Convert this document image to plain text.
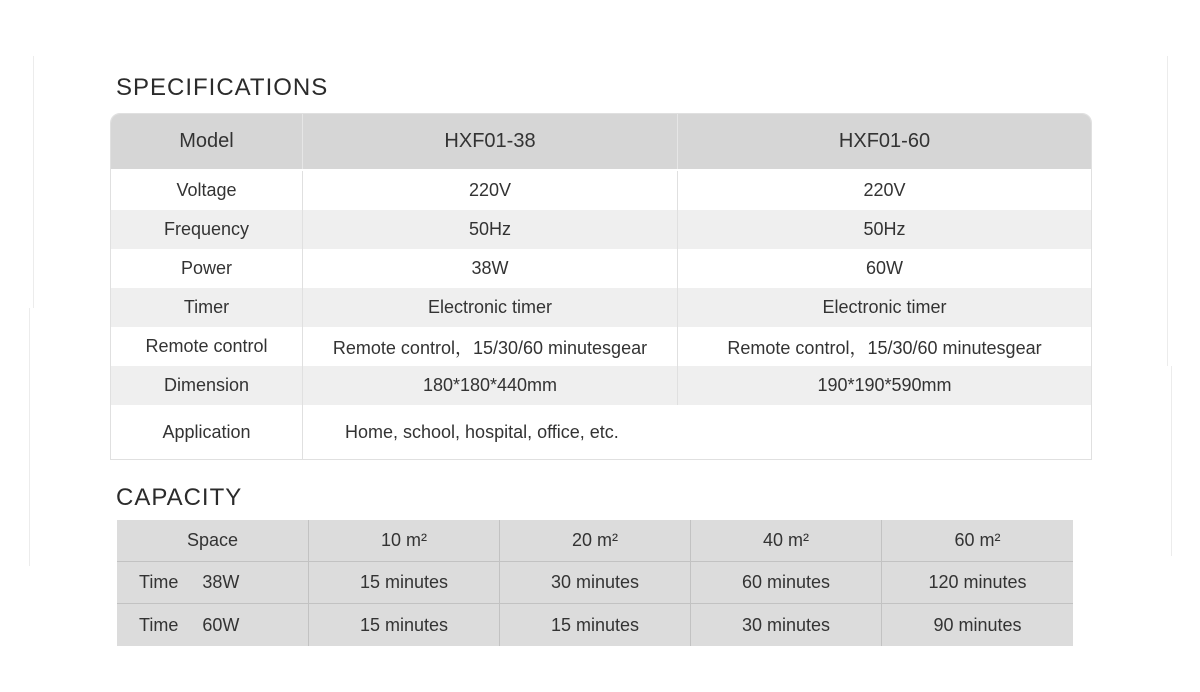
SPECIFICATIONS
Model	HXF01-38	HXF01-60
Voltage	220V	220V
Frequency	50Hz	50Hz
Power	38W	60W
Timer	Electronic timer	Electronic timer
Remote control	Remote control，15/30/60 minutesgear	Remote control，15/30/60 minutesgear
Dimension	180*180*440mm	190*190*590mm
Application	Home, school, hospital, office, etc.
CAPACITY
Space	10 m²	20 m²	40 m²	60 m²
Time 38W	15 minutes	30 minutes	60 minutes	120 minutes
Time 60W	15 minutes	15 minutes	30 minutes	90 minutes
